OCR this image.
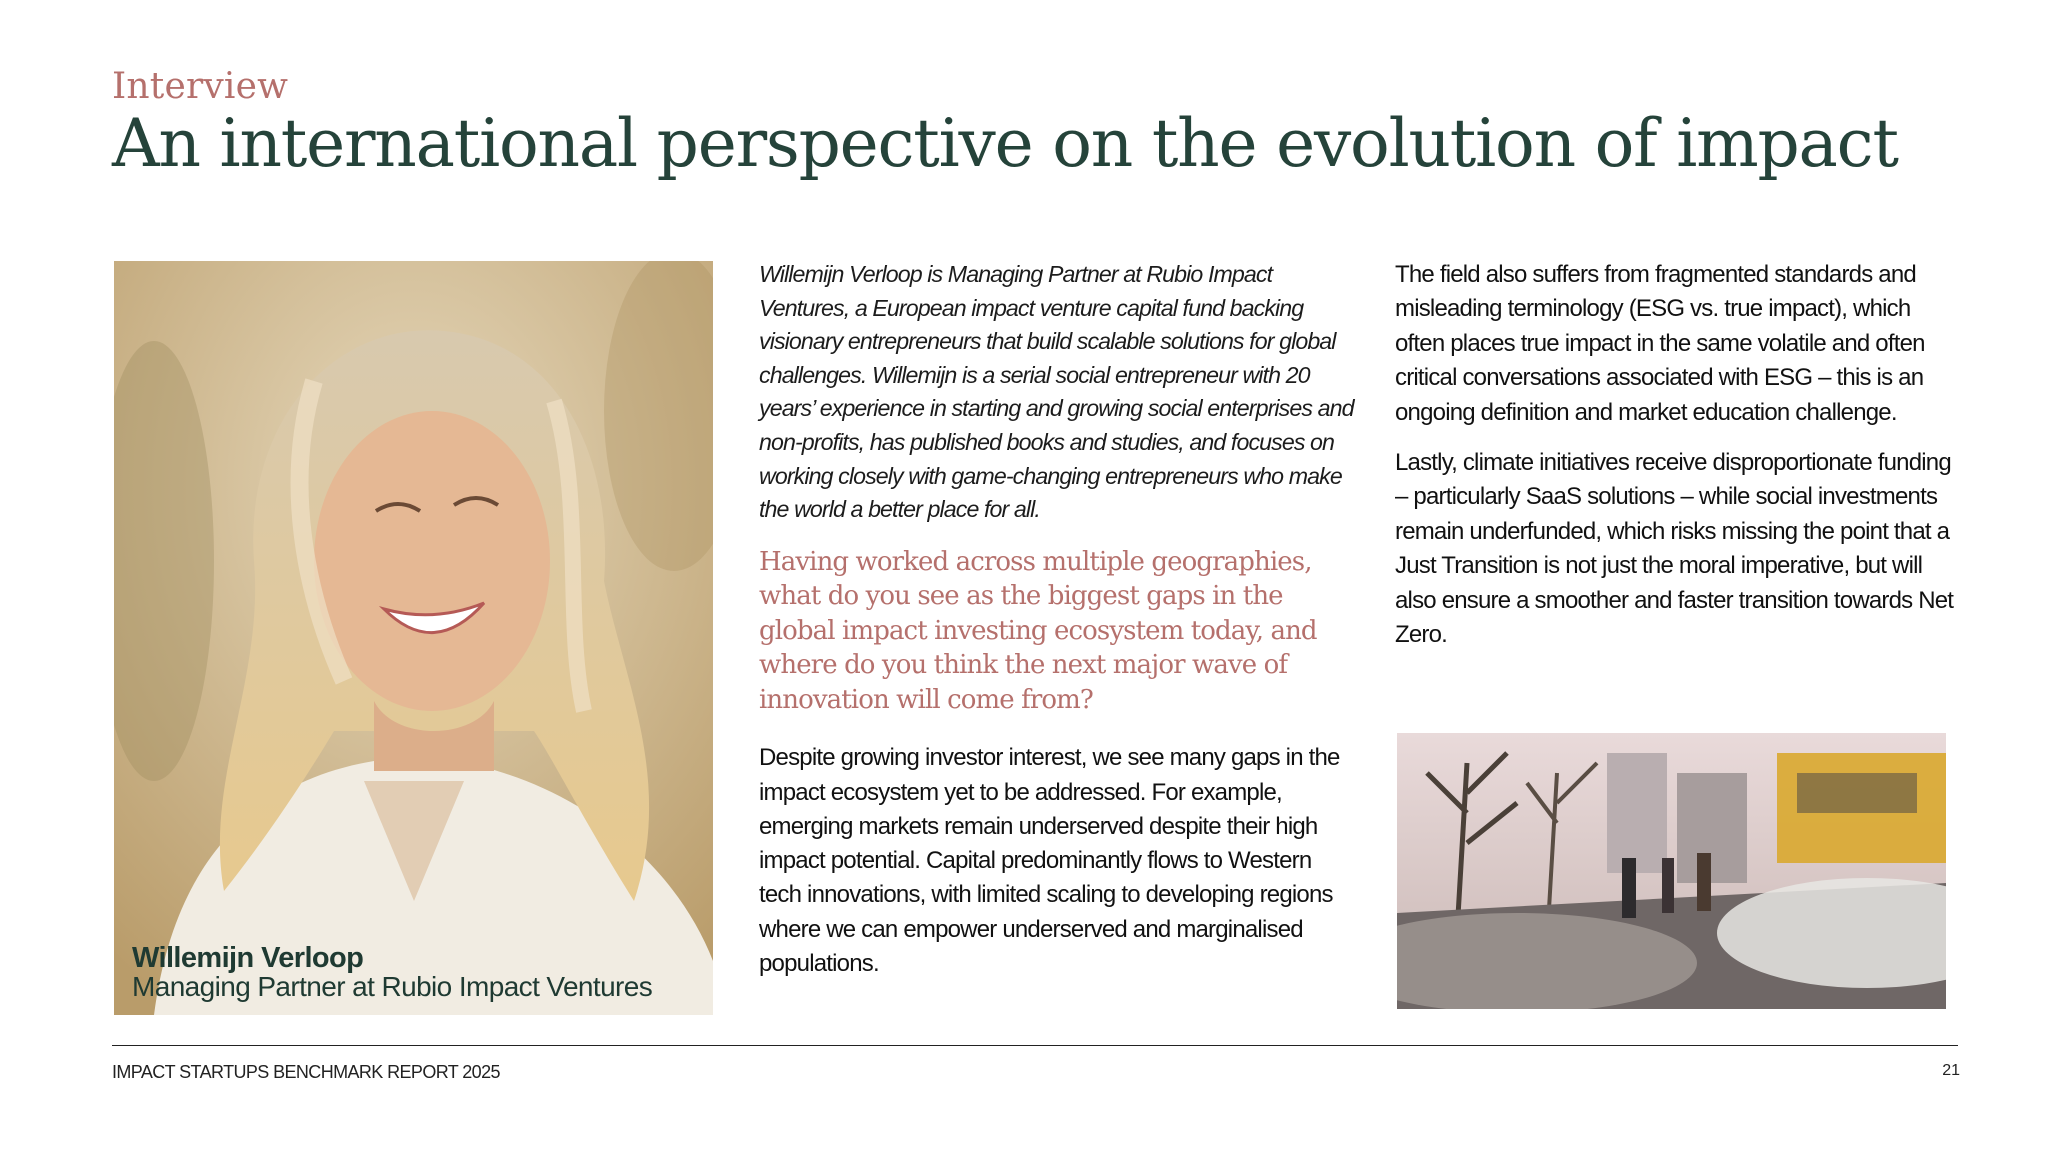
Interview
An international perspective on the evolution of impact
Willemijn Verloop
Managing Partner at Rubio Impact Ventures

Willemijn Verloop is Managing Partner at Rubio Impact Ventures, a European impact venture capital fund backing visionary entrepreneurs that build scalable solutions for global challenges. Willemijn is a serial social entrepreneur with 20 years’ experience in starting and growing social enterprises and non-profits, has published books and studies, and focuses on working closely with game-changing entrepreneurs who make the world a better place for all.

Having worked across multiple geographies, what do you see as the biggest gaps in the global impact investing ecosystem today, and where do you think the next major wave of innovation will come from?

Despite growing investor interest, we see many gaps in the impact ecosystem yet to be addressed. For example, emerging markets remain underserved despite their high impact potential. Capital predominantly flows to Western tech innovations, with limited scaling to developing regions where we can empower underserved and marginalised populations.

The field also suffers from fragmented standards and misleading terminology (ESG vs. true impact), which often places true impact in the same volatile and often critical conversations associated with ESG – this is an ongoing definition and market education challenge.

Lastly, climate initiatives receive disproportionate funding – particularly SaaS solutions – while social investments remain underfunded, which risks missing the point that a Just Transition is not just the moral imperative, but will also ensure a smoother and faster transition towards Net Zero.

IMPACT STARTUPS BENCHMARK REPORT 2025	21
